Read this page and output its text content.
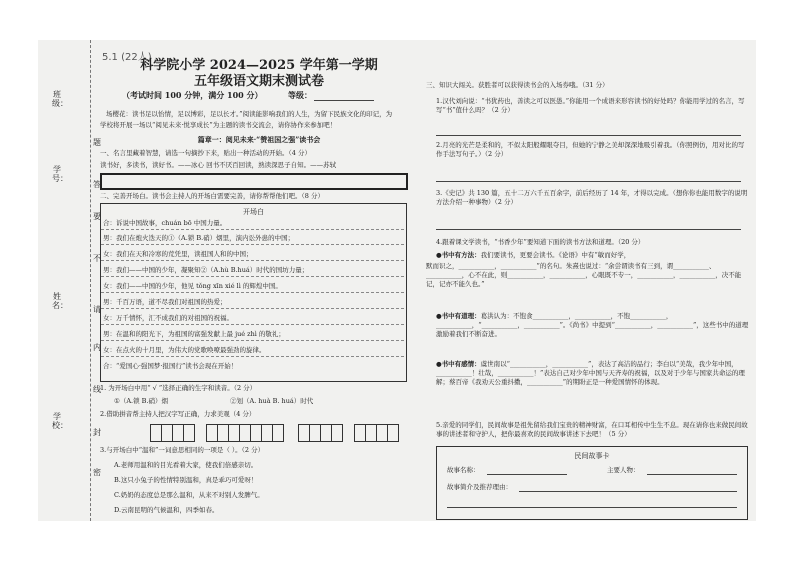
学校：
姓名：
学号：
班级：
题
答
要
不
请
内
线
封
密
5.1 (22人)
科学院小学 2024—2025 学年第一学期
五年级语文期末测试卷
（考试时间 100 分钟，满分 100 分）	等级：
场樱花：读书足以怡情，足以博彩，足以长才。”阅读能影响我们的人生，为留下民族文化的印记，为
学校将开展一场以“阅见未来·悦享成长”为主题的读书交流会，请你协作来参加吧！
篇章一：阅见未来·“赞祖国之强”读书会
一、名言里藏着智慧，请选一句摘抄下来，贴出一种活动的开始。（4 分）
读书好，多读书，读好书。——冰心 回书不厌百回读，熟读深思子自知。——苏轼
二、完善开场白。读书会主持人的开场白需要完善，请你帮帮他们吧。（8 分）
开场白
合：诉说中国故事，chuán bō 中国力量。
男：我们在炮火迭天的①（A.锁 B.硝）烟里，演内讼外患的中国；
女：我们在天和冷寒的荒凭里，读祖国人和的中国；
男：我们——中国的少年，凝聚知②（A.hù B.huá）时代的国坊力量；
女：我们——中国的少年，他见 tǒng xīn xié lì 的辉煌中国。
男：千百万语，道不尽我们对祖国的热爱；
女：万千情怀，汇不成我们的对祖国的祝福。
男：在温和的阳光下，为祖国的富强发献上最 jué zhì 的敬礼；
女：在点火的十月里，为伟大的党歌唤嘹最强劲的旋律。
合：“爱国心·强国梦·报国行”读书会现在开始！
1. 为开场白中用“ √ ”选择正确的生字和读音。（2 分）
①（A.锁 B.硝）烟	②划（A. huà B. huá）时代
2.借助拼音帮主持人把汉字写正确，力求美观（4 分）
3.与开场白中“温和”一词意思相同的一项是（ ）。（2 分）
A.老师用温和的目光看着大家，使我们倍感亲切。
B.这只小兔子的性情特别温和，真是乖巧可爱呀！
C.奶奶的态度总是那么温和，从来不对别人发脾气。
D.云南昆明的气候温和，四季如春。
三、知识大闯关。获胜者可以获得读书会的入场券哦。（31 分）
1.汉代刘向说：“书犹药也，善读之可以医愚。”你能用一个成语来形容读书的好处吗？你能用学过的名言，写写“书”值什么吗？（2 分）
2.月亮的光芒是柔和的，不似太阳般耀眼夺目，但她的宁静之美却深深地吸引着我。（你照例仿，用对比的写作手法写句子。）（2 分）
3.《史记》共 130 篇，五十二万六千五百余字，前后经历了 14 年，才得以完成。（想你你也能用数字的说明方法介绍一种事物）（2 分）
4.跟着课文学读书，“书香少年”要知道下面的读书方法和道理。（20 分）
●书中有方法：我们要读书，更要会读书。《论语》中有“敏而好学，
默而识之，___________，___________”的名句。朱熹也说过：“余尝谓读书有三到，谓___________、___________，心不在此，则___________，___________，心眼既不专一，___________，___________，决不能记，记亦不能久也。”
●书中有道理：葛洪认为：不饱食___________，___________，不饱___________，___________，“___________，___________”。《尚书》中提到“___________，___________”，这些书中的道理激励着我们不断奋进。
●书中有感情：虞世南以“___________，___________”，表达了高洁的品行；李白以“美哉，我少年中国，___________！壮哉，___________！”表达自己对少年中国与天齐寿的祝福，以及对于少年与国家共命运的理解；蔡百帝《我劝天公重抖擞，___________”的期盼正是一种爱国情怀的体现。
5.亲爱的同学们，民间故事是祖先留给我们宝贵的精神财富，在口耳相传中生生不息。现在请你也来做民间故事的讲述者和守护人，把你最喜欢的民间故事讲述下去吧！（5 分）
民间故事卡
故事名称：	主要人物：
故事简介及推荐理由：
